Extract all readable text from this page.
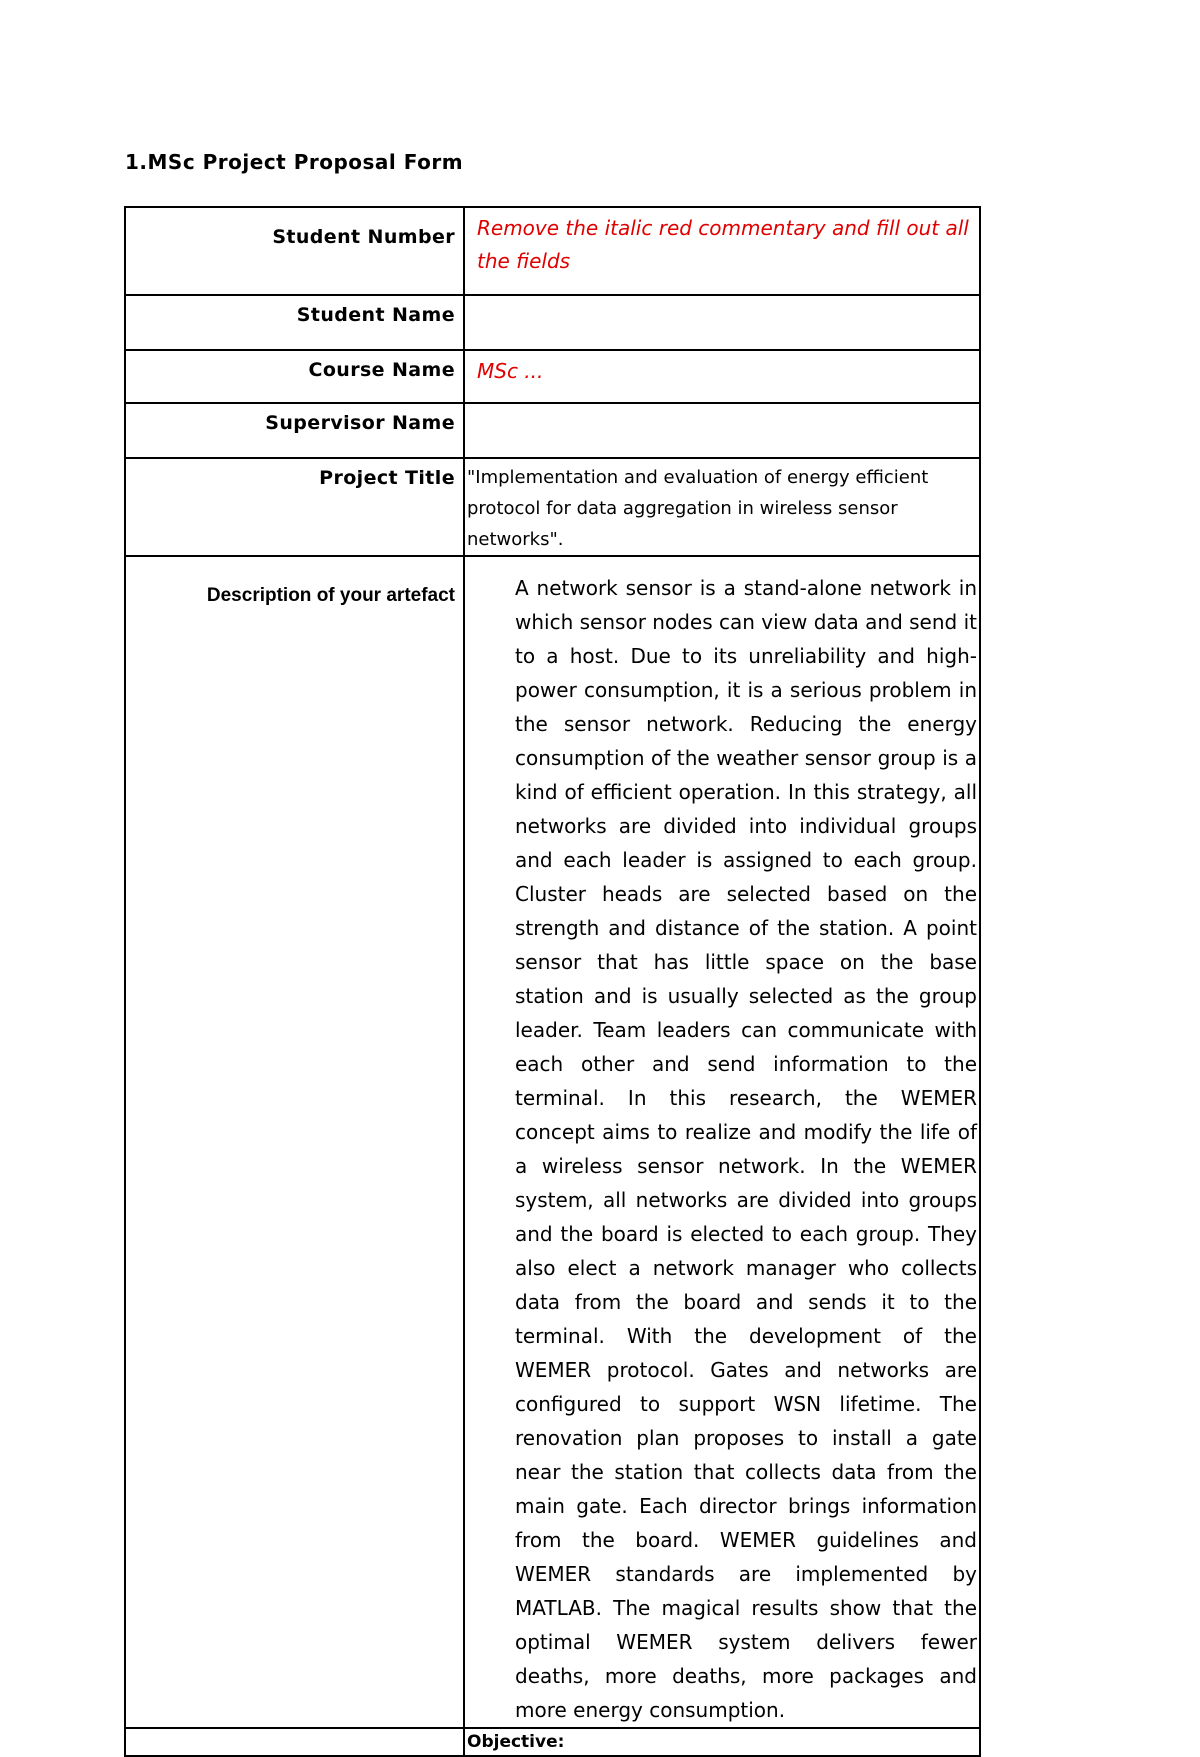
1.MSc Project Proposal Form
Student Number	Remove the italic red commentary and fill out all the fields

Student Name	
Course Name	MSc ...

Supervisor Name	
Project Title	"Implementation and evaluation of energy efficient protocol for data aggregation in wireless sensor networks".

Description of your artefact	A network sensor is a stand-alone network in which sensor nodes can view data and send it to a host. Due to its unreliability and high-power consumption, it is a serious problem in the sensor network. Reducing the energy consumption of the weather sensor group is a kind of efficient operation. In this strategy, all networks are divided into individual groups and each leader is assigned to each group. Cluster heads are selected based on the strength and distance of the station. A point sensor that has little space on the base station and is usually selected as the group leader. Team leaders can communicate with each other and send information to the terminal. In this research, the WEMER concept aims to realize and modify the life of a wireless sensor network. In the WEMER system, all networks are divided into groups and the board is elected to each group. They also elect a network manager who collects data from the board and sends it to the terminal. With the development of the WEMER protocol. Gates and networks are configured to support WSN lifetime. The renovation plan proposes to install a gate near the station that collects data from the main gate. Each director brings information from the board. WEMER guidelines and WEMER standards are implemented by MATLAB. The magical results show that the optimal WEMER system delivers fewer deaths, more deaths, more packages and more energy consumption.

	Objective:
